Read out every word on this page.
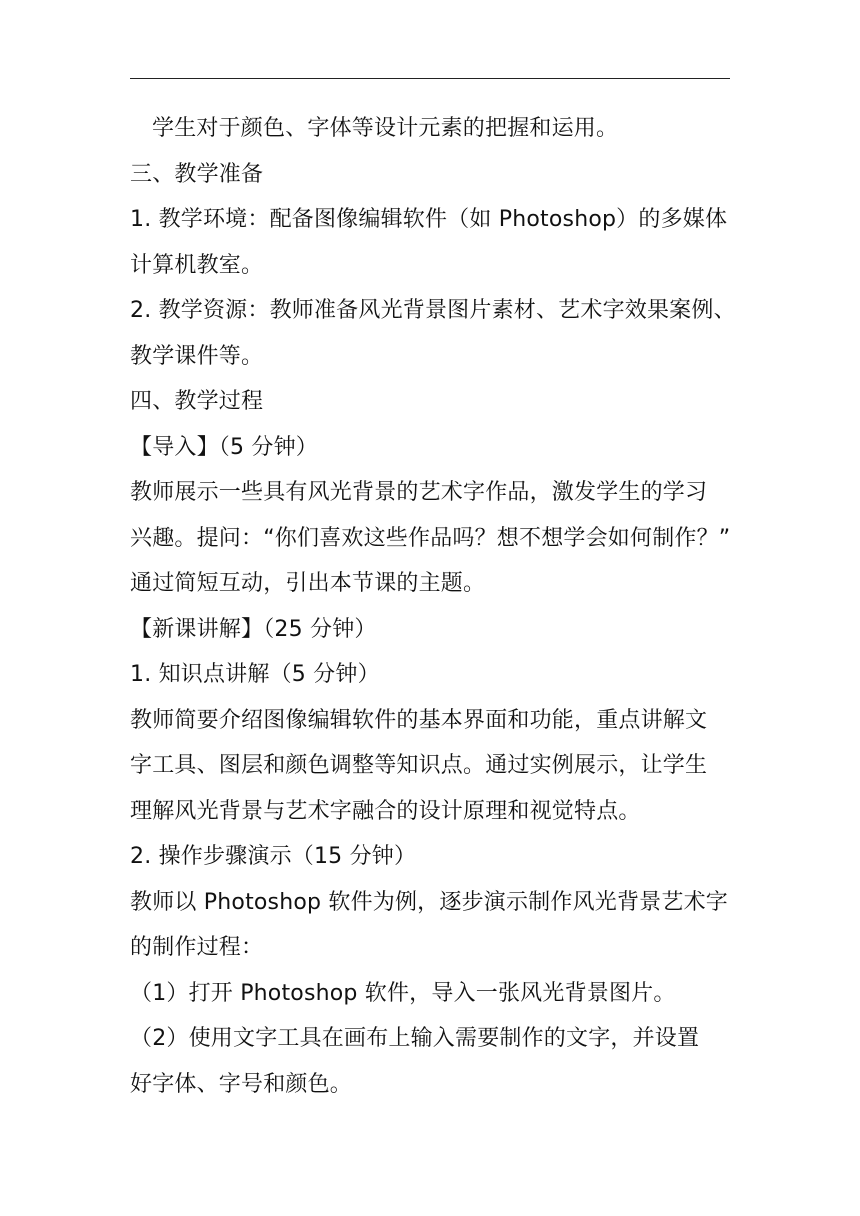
学生对于颜色、字体等设计元素的把握和运用。
三、教学准备
1. 教学环境：配备图像编辑软件（如 Photoshop）的多媒体
计算机教室。
2. 教学资源：教师准备风光背景图片素材、艺术字效果案例、
教学课件等。
四、教学过程
【导入】（5 分钟）
教师展示一些具有风光背景的艺术字作品，激发学生的学习
兴趣。提问：“你们喜欢这些作品吗？想不想学会如何制作？”
通过简短互动，引出本节课的主题。
【新课讲解】（25 分钟）
1. 知识点讲解（5 分钟）
教师简要介绍图像编辑软件的基本界面和功能，重点讲解文
字工具、图层和颜色调整等知识点。通过实例展示，让学生
理解风光背景与艺术字融合的设计原理和视觉特点。
2. 操作步骤演示（15 分钟）
教师以 Photoshop 软件为例，逐步演示制作风光背景艺术字
的制作过程：
（1）打开 Photoshop 软件，导入一张风光背景图片。
（2）使用文字工具在画布上输入需要制作的文字，并设置
好字体、字号和颜色。
